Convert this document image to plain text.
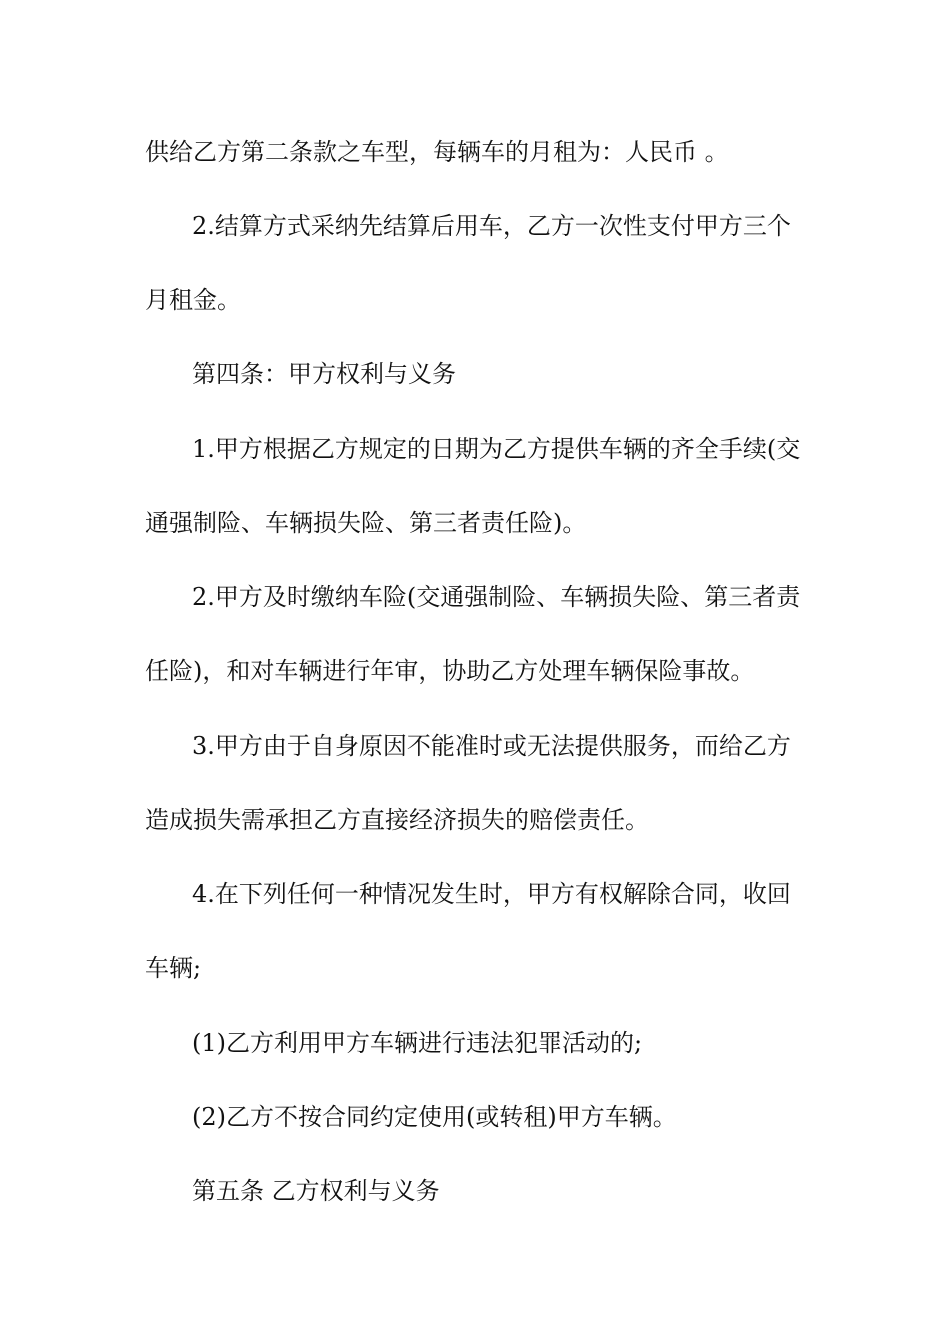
供给乙方第二条款之车型，每辆车的月租为：人民币 。
2.结算方式采纳先结算后用车，乙方一次性支付甲方三个
月租金。
第四条：甲方权利与义务
1.甲方根据乙方规定的日期为乙方提供车辆的齐全手续(交
通强制险、车辆损失险、第三者责任险)。
2.甲方及时缴纳车险(交通强制险、车辆损失险、第三者责
任险)，和对车辆进行年审，协助乙方处理车辆保险事故。
3.甲方由于自身原因不能准时或无法提供服务，而给乙方
造成损失需承担乙方直接经济损失的赔偿责任。
4.在下列任何一种情况发生时，甲方有权解除合同，收回
车辆;
(1)乙方利用甲方车辆进行违法犯罪活动的;
(2)乙方不按合同约定使用(或转租)甲方车辆。
第五条 乙方权利与义务
